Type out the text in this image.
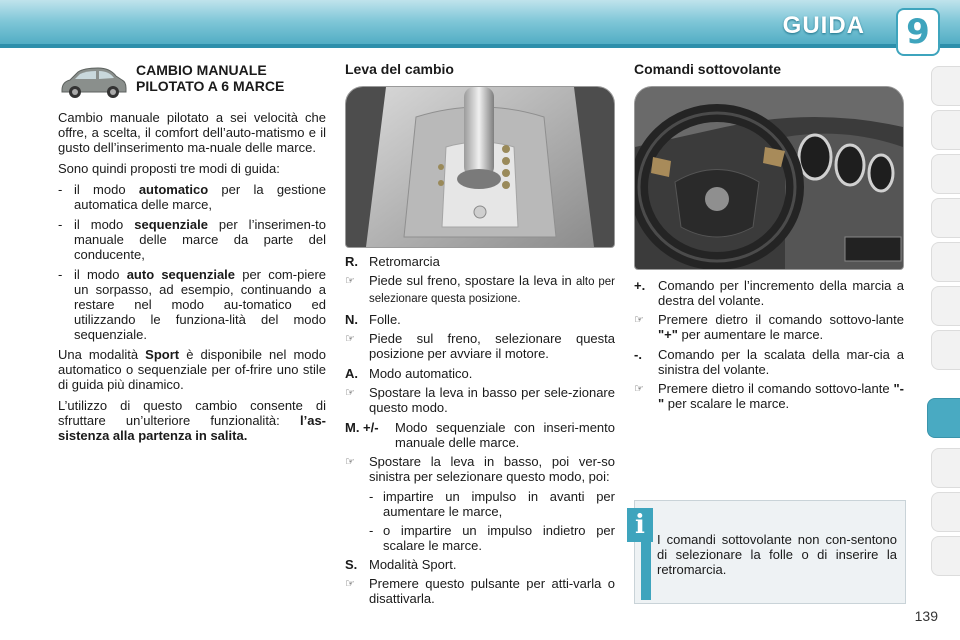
GUIDA 9
CAMBIO MANUALE
PILOTATO A 6 MARCE

Cambio manuale pilotato a sei velocità che offre, a scelta, il comfort dell’auto-matismo e il gusto dell’inserimento ma-nuale delle marce.

Sono quindi proposti tre modi di guida:

- il modo automatico per la gestione automatica delle marce,
- il modo sequenziale per l’inserimen-to manuale delle marce da parte del conducente,
- il modo auto sequenziale per com-piere un sorpasso, ad esempio, continuando a restare nel modo au-tomatico ed utilizzando le funziona-lità del modo sequenziale.

Una modalità Sport è disponibile nel modo automatico o sequenziale per of-frire uno stile di guida più dinamico.

L’utilizzo di questo cambio consente di sfruttare un’ulteriore funzionalità: l’as-sistenza alla partenza in salita.

Leva del cambio
R. Retromarcia
☞	Piede sul freno, spostare la leva in alto per selezionare questa posizione.
N. Folle.
☞	Piede sul freno, selezionare questa posizione per avviare il motore.
A. Modo automatico.
☞	Spostare la leva in basso per sele-zionare questo modo.
M. +/-	Modo sequenziale con inseri-mento manuale delle marce.
☞	Spostare la leva in basso, poi ver-so sinistra per selezionare questo modo, poi:
- impartire un impulso in avanti per aumentare le marce,
- o impartire un impulso indietro per scalare le marce.
S. Modalità Sport.
☞	Premere questo pulsante per atti-varla o disattivarla.
Comandi sottovolante
+. Comando per l’incremento della marcia a destra del volante.
☞	Premere dietro il comando sottovo-lante "+" per aumentare le marce.
-.	Comando per la scalata della mar-cia a sinistra del volante.
☞	Premere dietro il comando sottovo-lante "-" per scalare le marce.
i I comandi sottovolante non con-sentono di selezionare la folle o di inserire la retromarcia.
139
